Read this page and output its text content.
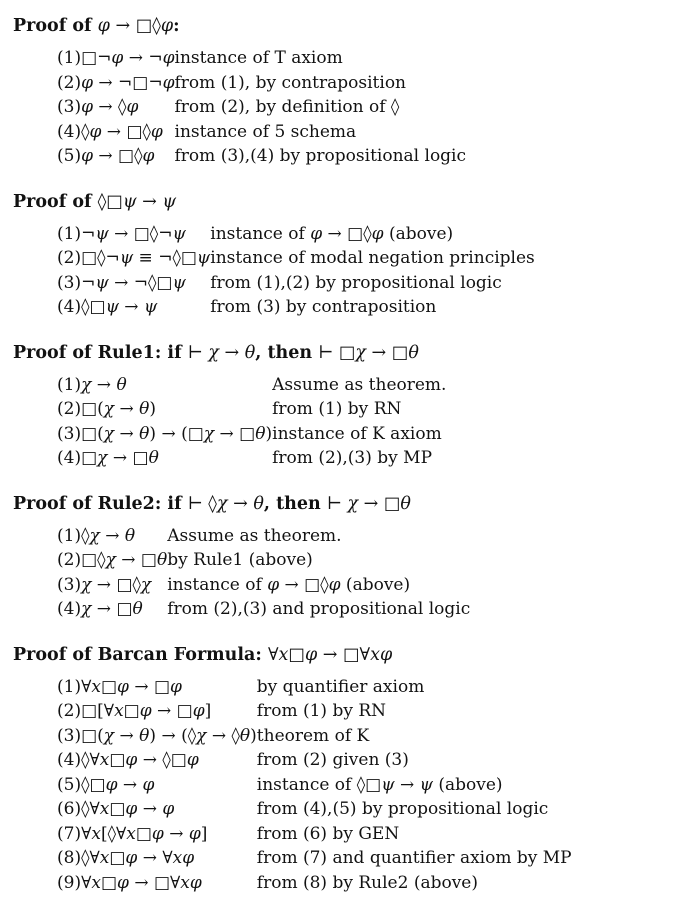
Proof of φ → □◊φ:
(1)	□¬φ → ¬φ	instance of T axiom
(2)	φ → ¬□¬φ	from (1), by contraposition
(3)	φ → ◊φ	from (2), by definition of ◊
(4)	◊φ → □◊φ	instance of 5 schema
(5)	φ → □◊φ	from (3),(4) by propositional logic
Proof of ◊□ψ → ψ
(1)	¬ψ → □◊¬ψ	instance of φ → □◊φ (above)
(2)	□◊¬ψ ≡ ¬◊□ψ	instance of modal negation principles
(3)	¬ψ → ¬◊□ψ	from (1),(2) by propositional logic
(4)	◊□ψ → ψ	from (3) by contraposition
Proof of Rule1: if ⊢ χ → θ, then ⊢ □χ → □θ
(1)	χ → θ	Assume as theorem.
(2)	□(χ → θ)	from (1) by RN
(3)	□(χ → θ) → (□χ → □θ)	instance of K axiom
(4)	□χ → □θ	from (2),(3) by MP
Proof of Rule2: if ⊢ ◊χ → θ, then ⊢ χ → □θ
(1)	◊χ → θ	Assume as theorem.
(2)	□◊χ → □θ	by Rule1 (above)
(3)	χ → □◊χ	instance of φ → □◊φ (above)
(4)	χ → □θ	from (2),(3) and propositional logic
Proof of Barcan Formula: ∀x□φ → □∀xφ
(1)	∀x□φ → □φ	by quantifier axiom
(2)	□[∀x□φ → □φ]	from (1) by RN
(3)	□(χ → θ) → (◊χ → ◊θ)	theorem of K
(4)	◊∀x□φ → ◊□φ	from (2) given (3)
(5)	◊□φ → φ	instance of ◊□ψ → ψ (above)
(6)	◊∀x□φ → φ	from (4),(5) by propositional logic
(7)	∀x[◊∀x□φ → φ]	from (6) by GEN
(8)	◊∀x□φ → ∀xφ	from (7) and quantifier axiom by MP
(9)	∀x□φ → □∀xφ	from (8) by Rule2 (above)
